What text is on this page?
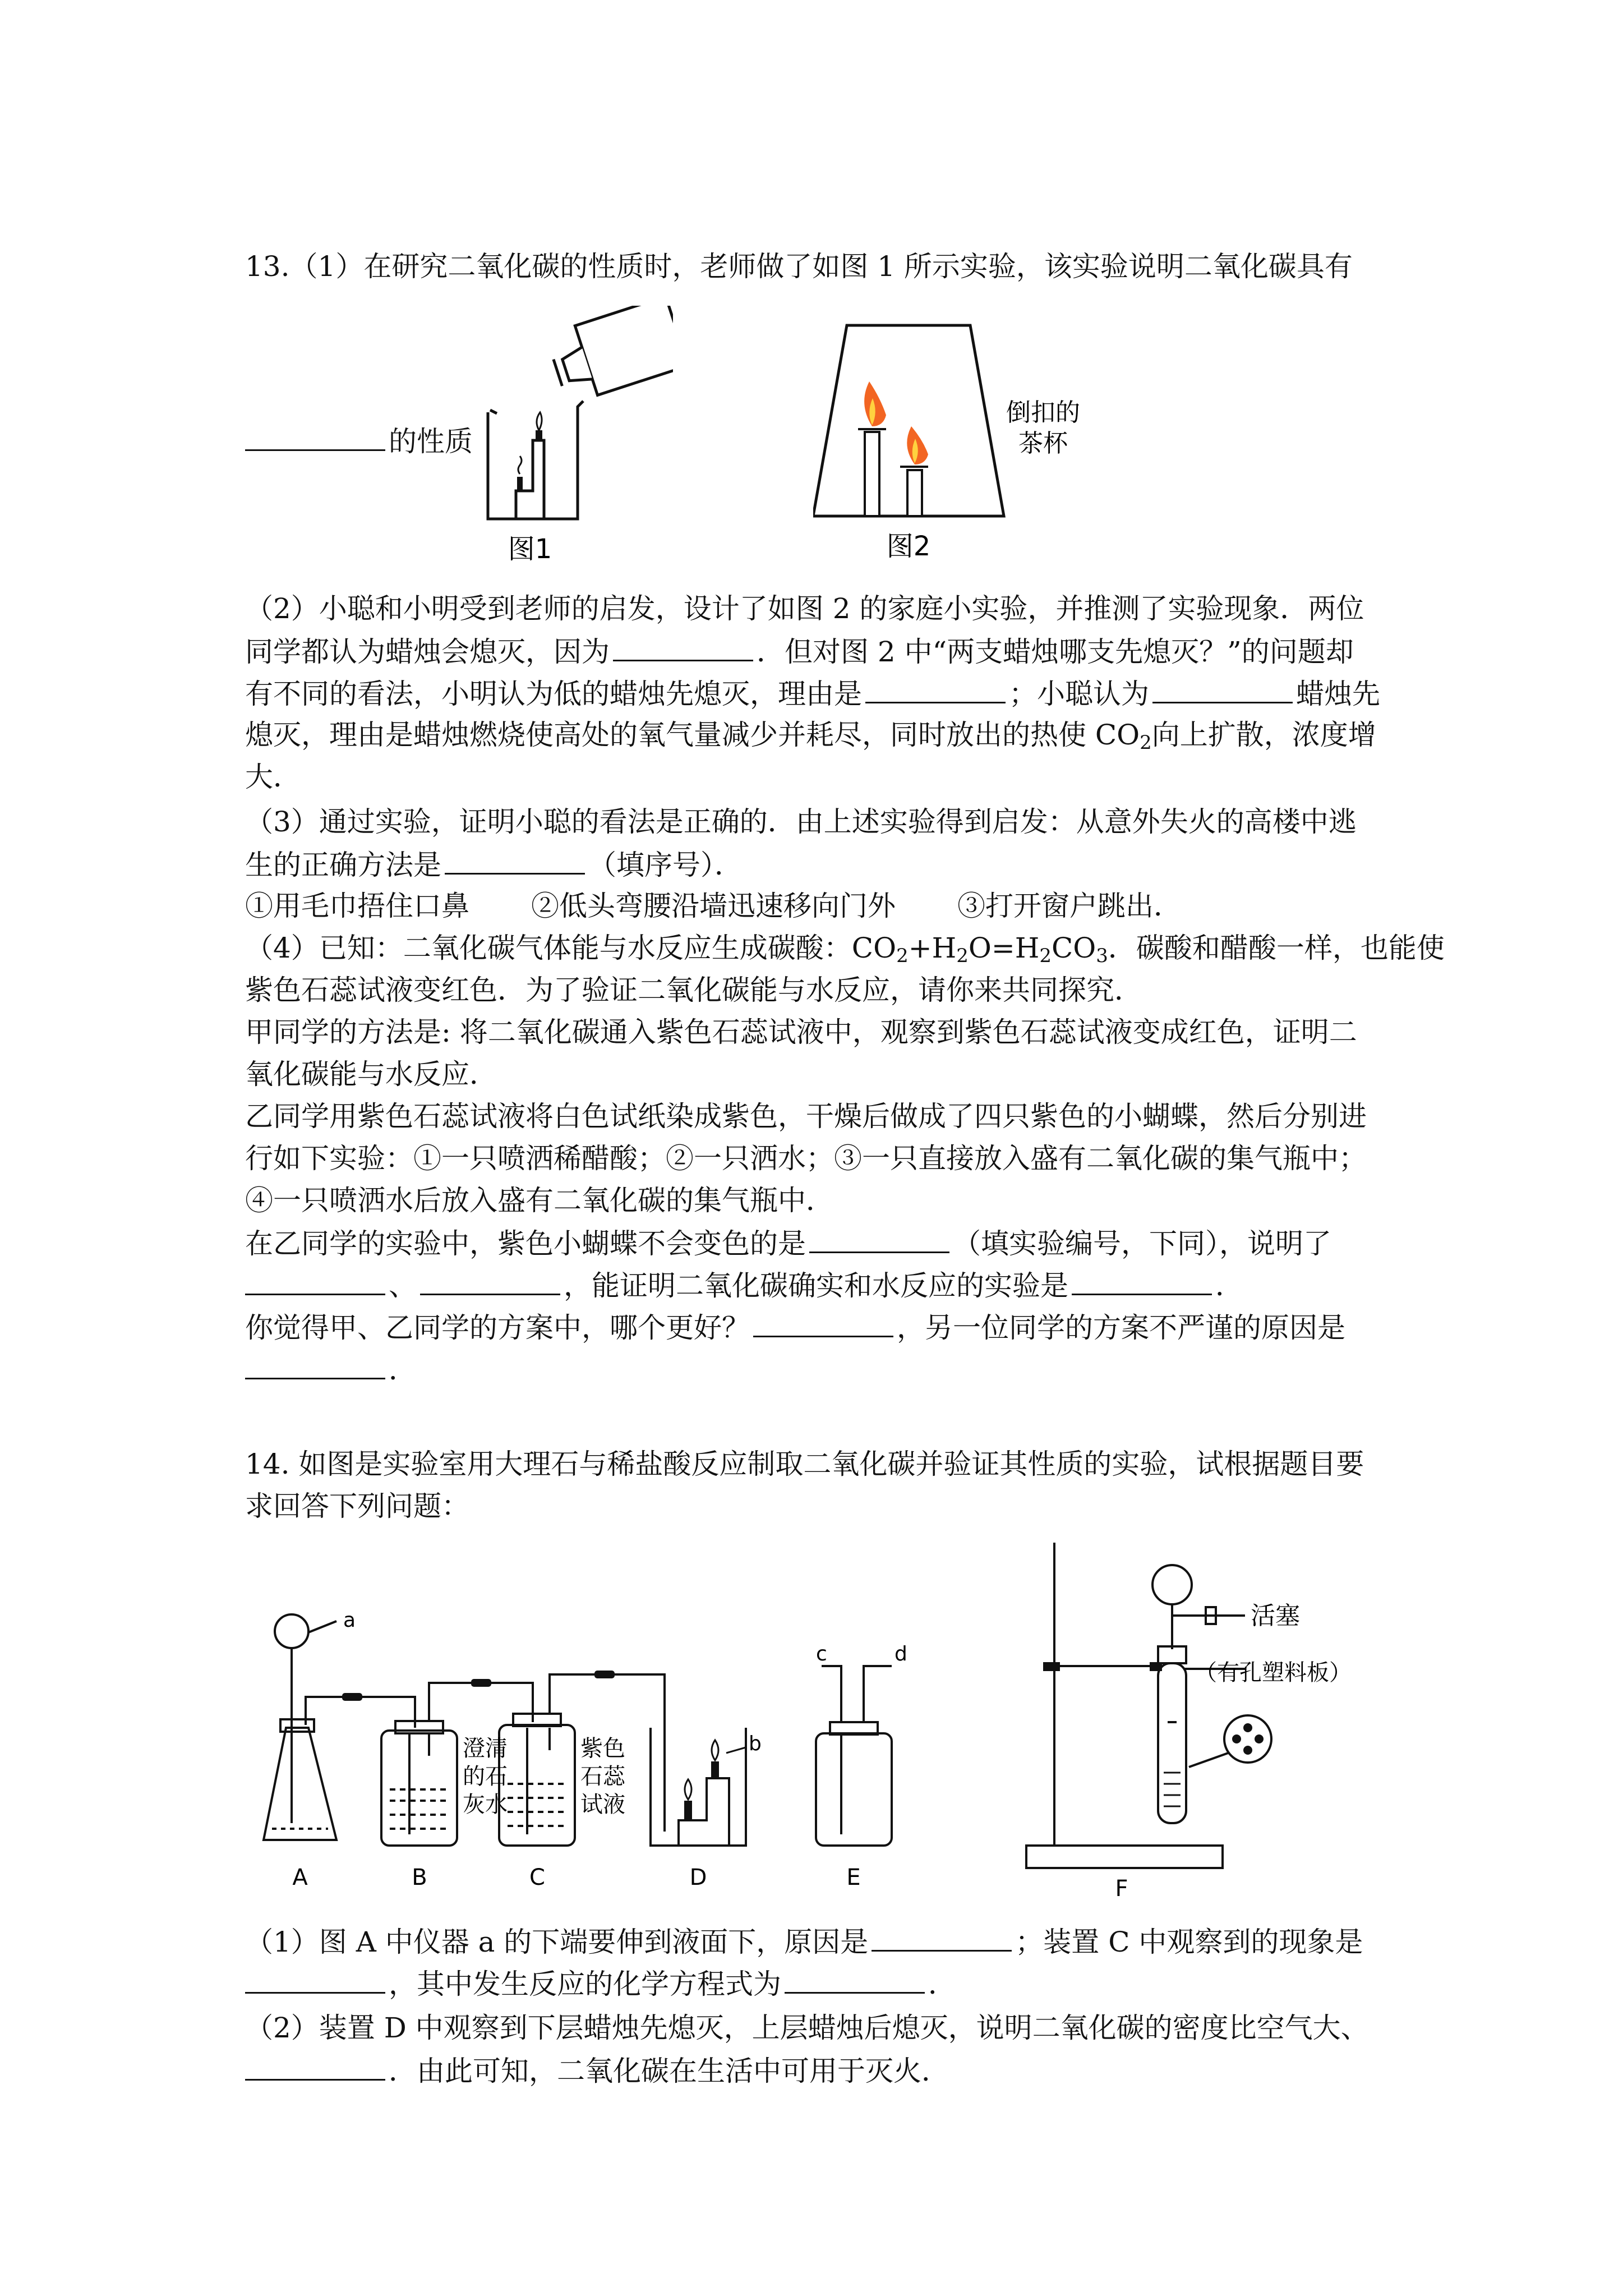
13.（1）在研究二氧化碳的性质时，老师做了如图 1 所示实验，该实验说明二氧化碳具有
图1
倒扣的
茶杯
图2
的性质
（2）小聪和小明受到老师的启发，设计了如图 2 的家庭小实验，并推测了实验现象．两位
同学都认为蜡烛会熄灭，因为	．但对图 2 中“两支蜡烛哪支先熄灭？”的问题却
有不同的看法，小明认为低的蜡烛先熄灭，理由是	；小聪认为	蜡烛先
熄灭，理由是蜡烛燃烧使高处的氧气量减少并耗尽，同时放出的热使 $CO_2$向上扩散，浓度增
大．
（3）通过实验，证明小聪的看法是正确的．由上述实验得到启发：从意外失火的高楼中逃
生的正确方法是	（填序号）．
①用毛巾捂住口鼻 ②低头弯腰沿墙迅速移向门外 ③打开窗户跳出．
（4）已知：二氧化碳气体能与水反应生成碳酸：$CO_2+H_2O=H_2CO_3$．碳酸和醋酸一样，也能使
紫色石蕊试液变红色．为了验证二氧化碳能与水反应，请你来共同探究．
甲同学的方法是: 将二氧化碳通入紫色石蕊试液中，观察到紫色石蕊试液变成红色，证明二
氧化碳能与水反应．
乙同学用紫色石蕊试液将白色试纸染成紫色，干燥后做成了四只紫色的小蝴蝶，然后分别进
行如下实验：①一只喷洒稀醋酸；②一只洒水；③一只直接放入盛有二氧化碳的集气瓶中；
④一只喷洒水后放入盛有二氧化碳的集气瓶中．
在乙同学的实验中，紫色小蝴蝶不会变色的是	（填实验编号，下同），说明了
、	，能证明二氧化碳确实和水反应的实验是	．
你觉得甲、乙同学的方案中，哪个更好？	，另一位同学的方案不严谨的原因是
．
14. 如图是实验室用大理石与稀盐酸反应制取二氧化碳并验证其性质的实验，试根据题目要
求回答下列问题：
a
b
c	d
澄清
的石
灰水
紫色
石蕊
试液
A	B	C	D	E
活塞
（有孔塑料板）
F
（1）图 A 中仪器 a 的下端要伸到液面下，原因是	；装置 C 中观察到的现象是
，其中发生反应的化学方程式为	．
（2）装置 D 中观察到下层蜡烛先熄灭，上层蜡烛后熄灭，说明二氧化碳的密度比空气大、
．由此可知，二氧化碳在生活中可用于灭火．
